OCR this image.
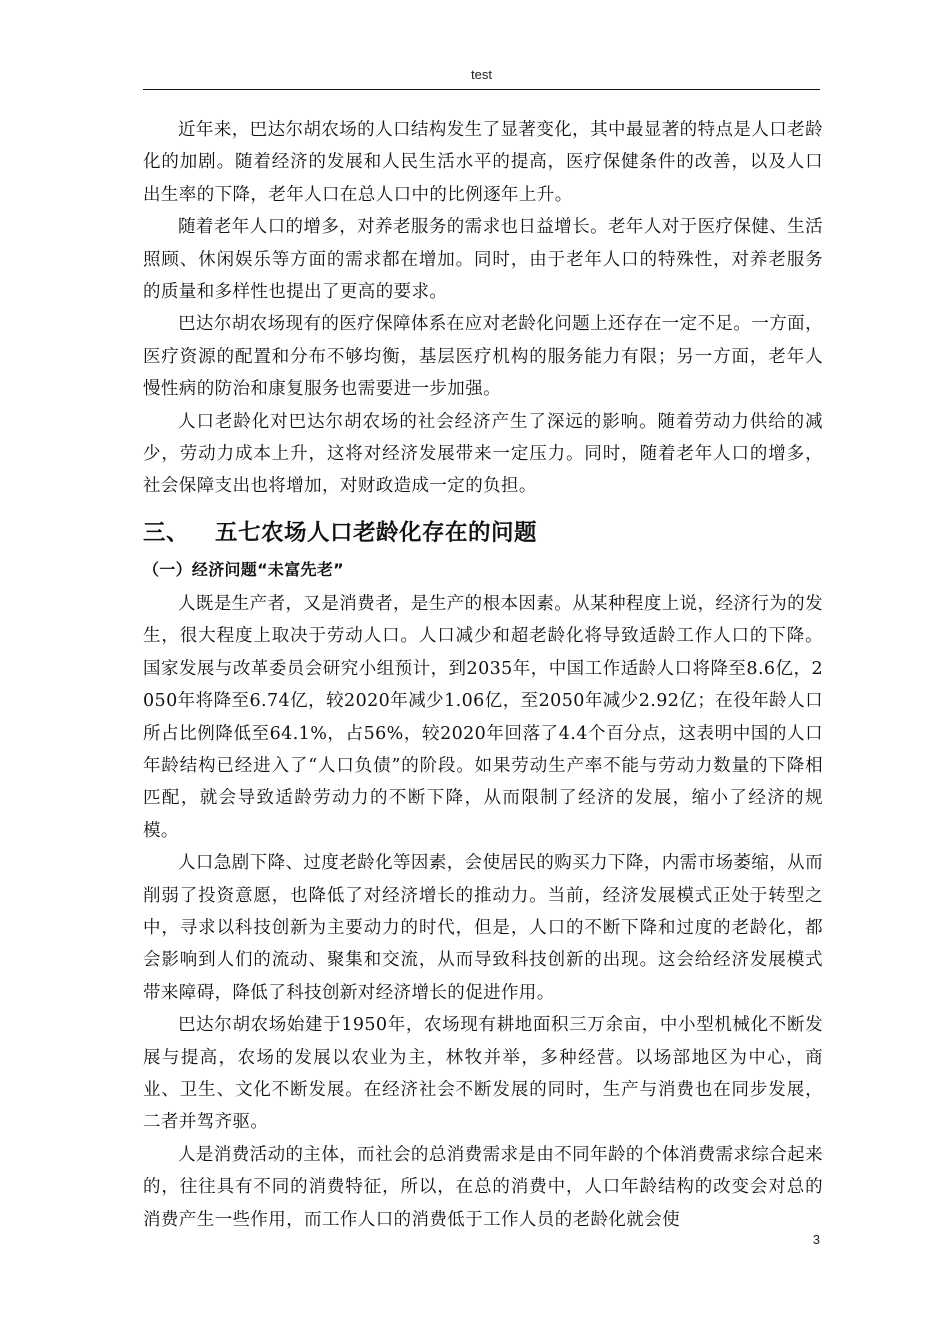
test

近年来，巴达尔胡农场的人口结构发生了显著变化，其中最显著的特点是人口老龄化的加剧。随着经济的发展和人民生活水平的提高，医疗保健条件的改善，以及人口出生率的下降，老年人口在总人口中的比例逐年上升。

随着老年人口的增多，对养老服务的需求也日益增长。老年人对于医疗保健、生活照顾、休闲娱乐等方面的需求都在增加。同时，由于老年人口的特殊性，对养老服务的质量和多样性也提出了更高的要求。

巴达尔胡农场现有的医疗保障体系在应对老龄化问题上还存在一定不足。一方面，医疗资源的配置和分布不够均衡，基层医疗机构的服务能力有限；另一方面，老年人慢性病的防治和康复服务也需要进一步加强。

人口老龄化对巴达尔胡农场的社会经济产生了深远的影响。随着劳动力供给的减少，劳动力成本上升，这将对经济发展带来一定压力。同时，随着老年人口的增多，社会保障支出也将增加，对财政造成一定的负担。

三、 五七农场人口老龄化存在的问题
（一）经济问题“未富先老”

人既是生产者，又是消费者，是生产的根本因素。从某种程度上说，经济行为的发生，很大程度上取决于劳动人口。人口减少和超老龄化将导致适龄工作人口的下降。国家发展与改革委员会研究小组预计，到2035年，中国工作适龄人口将降至8.6亿，2050年将降至6.74亿，较2020年减少1.06亿，至2050年减少2.92亿；在役年龄人口所占比例降低至64.1%，占56%，较2020年回落了4.4个百分点，这表明中国的人口年龄结构已经进入了“人口负债”的阶段。如果劳动生产率不能与劳动力数量的下降相匹配，就会导致适龄劳动力的不断下降，从而限制了经济的发展，缩小了经济的规模。

人口急剧下降、过度老龄化等因素，会使居民的购买力下降，内需市场萎缩，从而削弱了投资意愿，也降低了对经济增长的推动力。当前，经济发展模式正处于转型之中，寻求以科技创新为主要动力的时代，但是，人口的不断下降和过度的老龄化，都会影响到人们的流动、聚集和交流，从而导致科技创新的出现。这会给经济发展模式带来障碍，降低了科技创新对经济增长的促进作用。

巴达尔胡农场始建于1950年，农场现有耕地面积三万余亩，中小型机械化不断发展与提高，农场的发展以农业为主，林牧并举，多种经营。以场部地区为中心，商业、卫生、文化不断发展。在经济社会不断发展的同时，生产与消费也在同步发展，二者并驾齐驱。

人是消费活动的主体，而社会的总消费需求是由不同年龄的个体消费需求综合起来的，往往具有不同的消费特征，所以，在总的消费中，人口年龄结构的改变会对总的消费产生一些作用，而工作人口的消费低于工作人员的老龄化就会使

3
